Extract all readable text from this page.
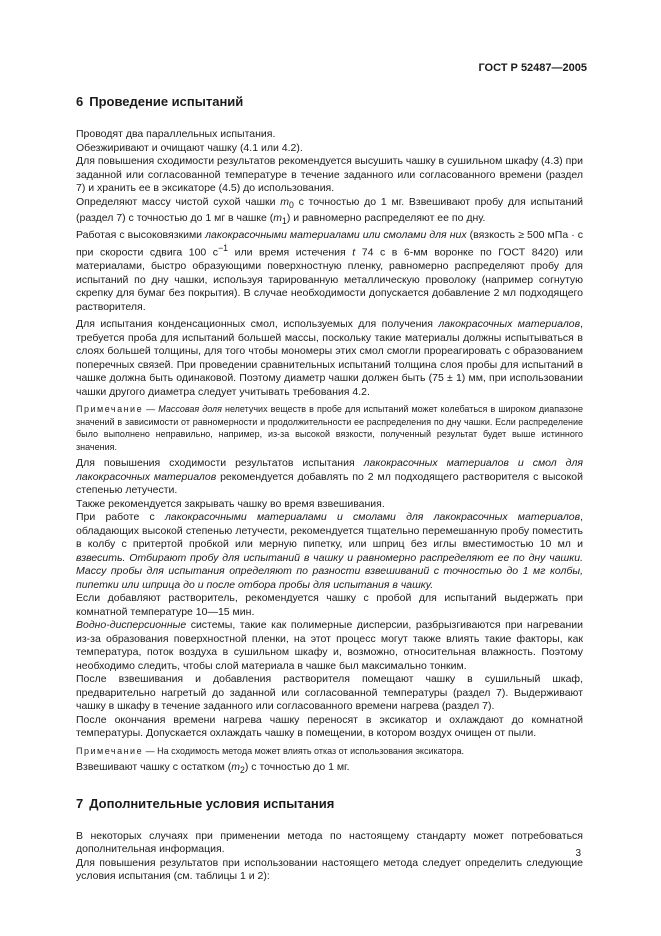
ГОСТ Р 52487—2005
6 Проведение испытаний

Проводят два параллельных испытания.

Обезжиривают и очищают чашку (4.1 или 4.2).

Для повышения сходимости результатов рекомендуется высушить чашку в сушильном шкафу (4.3) при заданной или согласованной температуре в течение заданного или согласованного времени (раздел 7) и хранить ее в эксикаторе (4.5) до использования.

Определяют массу чистой сухой чашки $m_0$ с точностью до 1 мг. Взвешивают пробу для испытаний (раздел 7) с точностью до 1 мг в чашке $(m_1)$ и равномерно распределяют ее по дну.

Работая с высоковязкими лакокрасочными материалами или смолами для них (вязкость ≥ 500 мПа · с при скорости сдвига 100 $с^{-1}$ или время истечения t 74 с в 6-мм воронке по ГОСТ 8420) или материалами, быстро образующими поверхностную пленку, равномерно распределяют пробу для испытаний по дну чашки, используя тарированную металлическую проволоку (например согнутую скрепку для бумаг без покрытия). В случае необходимости допускается добавление 2 мл подходящего растворителя.

Для испытания конденсационных смол, используемых для получения лакокрасочных материалов, требуется проба для испытаний большей массы, поскольку такие материалы должны испытываться в слоях большей толщины, для того чтобы мономеры этих смол смогли прореагировать с образованием поперечных связей. При проведении сравнительных испытаний толщина слоя пробы для испытаний в чашке должна быть одинаковой. Поэтому диаметр чашки должен быть (75 ± 1) мм, при использовании чашки другого диаметра следует учитывать требования 4.2.

Примечание — Массовая доля нелетучих веществ в пробе для испытаний может колебаться в широком диапазоне значений в зависимости от равномерности и продолжительности ее распределения по дну чашки. Если распределение было выполнено неправильно, например, из-за высокой вязкости, полученный результат будет выше истинного значения.

Для повышения сходимости результатов испытания лакокрасочных материалов и смол для лакокрасочных материалов рекомендуется добавлять по 2 мл подходящего растворителя с высокой степенью летучести.

Также рекомендуется закрывать чашку во время взвешивания.

При работе с лакокрасочными материалами и смолами для лакокрасочных материалов, обладающих высокой степенью летучести, рекомендуется тщательно перемешанную пробу поместить в колбу с притертой пробкой или мерную пипетку, или шприц без иглы вместимостью 10 мл и взвесить. Отбирают пробу для испытаний в чашку и равномерно распределяют ее по дну чашки. Массу пробы для испытания определяют по разности взвешиваний с точностью до 1 мг колбы, пипетки или шприца до и после отбора пробы для испытания в чашку.

Если добавляют растворитель, рекомендуется чашку с пробой для испытаний выдержать при комнатной температуре 10—15 мин.

Водно-дисперсионные системы, такие как полимерные дисперсии, разбрызгиваются при нагревании из-за образования поверхностной пленки, на этот процесс могут также влиять такие факторы, как температура, поток воздуха в сушильном шкафу и, возможно, относительная влажность. Поэтому необходимо следить, чтобы слой материала в чашке был максимально тонким.

После взвешивания и добавления растворителя помещают чашку в сушильный шкаф, предварительно нагретый до заданной или согласованной температуры (раздел 7). Выдерживают чашку в шкафу в течение заданного или согласованного времени нагрева (раздел 7).

После окончания времени нагрева чашку переносят в эксикатор и охлаждают до комнатной температуры. Допускается охлаждать чашку в помещении, в котором воздух очищен от пыли.

Примечание — На сходимость метода может влиять отказ от использования эксикатора.

Взвешивают чашку с остатком $(m_2)$ с точностью до 1 мг.

7 Дополнительные условия испытания

В некоторых случаях при применении метода по настоящему стандарту может потребоваться дополнительная информация.

Для повышения результатов при использовании настоящего метода следует определить следующие условия испытания (см. таблицы 1 и 2):

3
